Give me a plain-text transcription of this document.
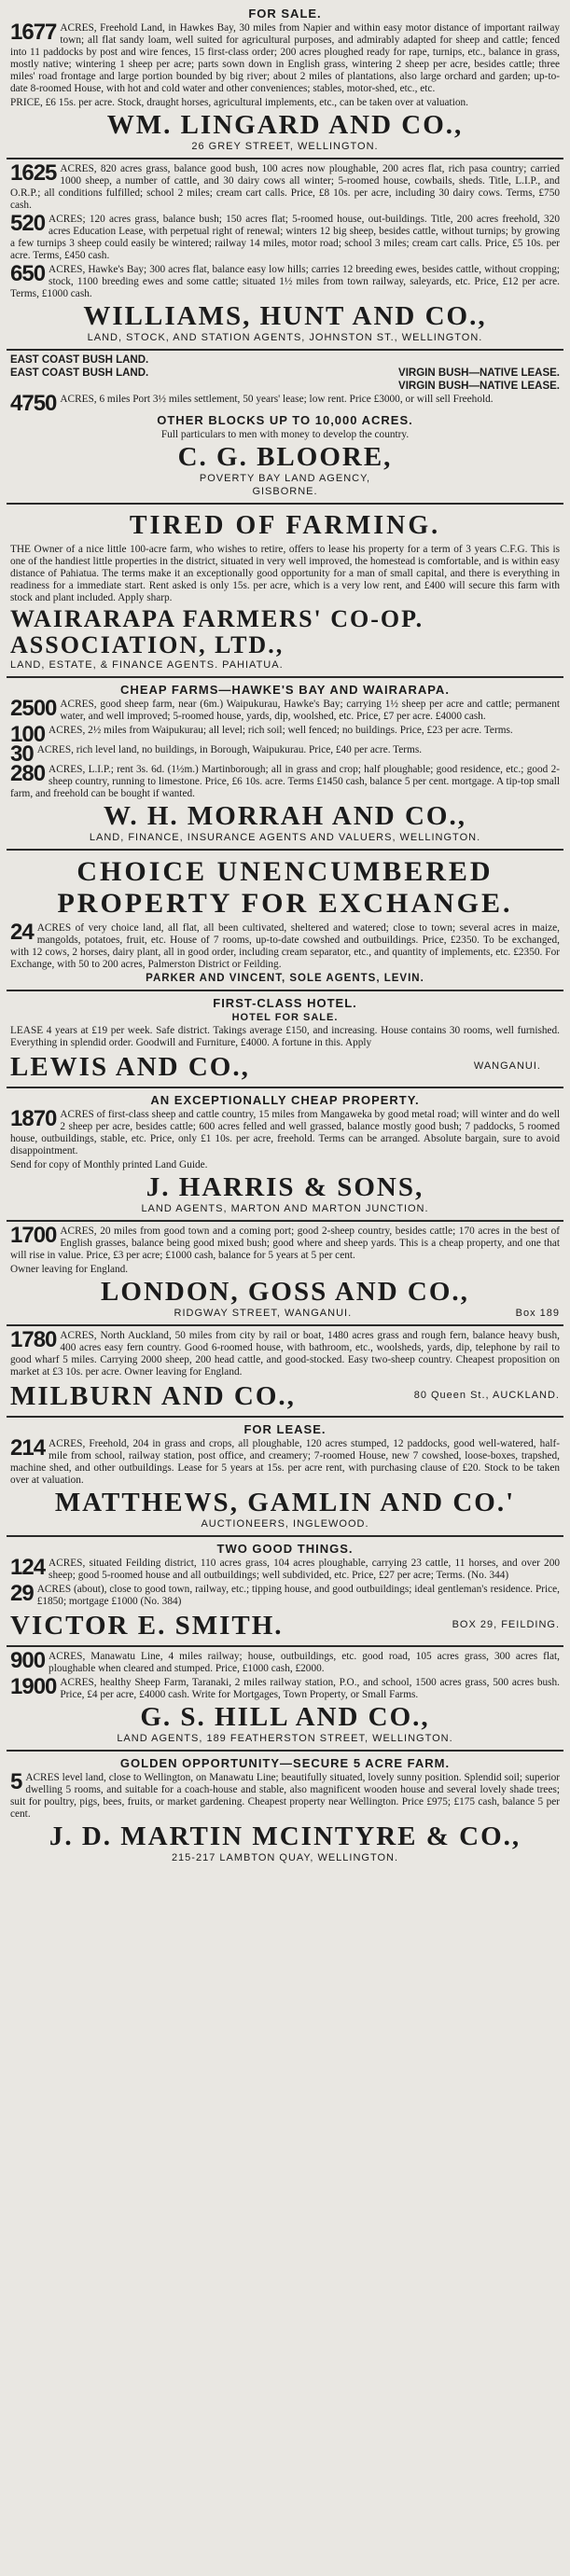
FOR SALE.
1677 ACRES, Freehold Land, in Hawkes Bay, 30 miles from Napier and within easy motor distance of important railway town; all flat sandy loam, well suited for agricultural purposes, and admirably adapted for sheep and cattle; fenced into 11 paddocks by post and wire fences, 15 first-class order; 200 acres ploughed ready for rape, turnips, etc., balance in grass, mostly native; wintering 1 sheep per acre; parts sown down in English grass, wintering 2 sheep per acre, besides cattle; three miles' road frontage and large portion bounded by big river; about 2 miles of plantations, also large orchard and garden; up-to-date 8-roomed House, with hot and cold water and other conveniences; stables, motor-shed, etc., etc.
PRICE, £6 15s. per acre. Stock, draught horses, agricultural implements, etc., can be taken over at valuation.
WM. LINGARD AND CO.,
26 GREY STREET, WELLINGTON.
1625 ACRES, 820 acres grass, balance good bush, 100 acres now ploughable, 200 acres flat, rich pasa country; carried 1000 sheep, a number of cattle, and 30 dairy cows all winter; 5-roomed house, cowbails, sheds. Title, L.I.P., and O.R.P.; all conditions fulfilled; school 2 miles; cream cart calls. Price, £8 10s. per acre, including 30 dairy cows. Terms, £750 cash.
520 ACRES; 120 acres grass, balance bush; 150 acres flat; 5-roomed house, out-buildings. Title, 200 acres freehold, 320 acres Education Lease, with perpetual right of renewal; winters 12 big sheep, besides cattle, without turnips; by growing a few turnips 3 sheep could easily be wintered; railway 14 miles, motor road; school 3 miles; cream cart calls. Price, £5 10s. per acre. Terms, £450 cash.
650 ACRES, Hawke's Bay; 300 acres flat, balance easy low hills; carries 12 breeding ewes, besides cattle, without cropping; stock, 1100 breeding ewes and some cattle; situated 1½ miles from town railway, saleyards, etc. Price, £12 per acre. Terms, £1000 cash.
WILLIAMS, HUNT AND CO.,
LAND, STOCK, AND STATION AGENTS, JOHNSTON ST., WELLINGTON.
EAST COAST BUSH LAND.
EAST COAST BUSH LAND.	VIRGIN BUSH—NATIVE LEASE.
VIRGIN BUSH—NATIVE LEASE.
4750 ACRES, 6 miles Port 3½ miles settlement, 50 years' lease; low rent. Price £3000, or will sell Freehold.
OTHER BLOCKS UP TO 10,000 ACRES.
Full particulars to men with money to develop the country.
C. G. BLOORE,
POVERTY BAY LAND AGENCY,
GISBORNE.
TIRED OF FARMING.
THE Owner of a nice little 100-acre farm, who wishes to retire, offers to lease his property for a term of 3 years C.F.G. This is one of the handiest little properties in the district, situated in very well improved, the homestead is comfortable, and is within easy distance of Pahiatua. The terms make it an exceptionally good opportunity for a man of small capital, and there is everything in readiness for a immediate start. Rent asked is only 15s. per acre, which is a very low rent, and £400 will secure this farm with stock and plant included. Apply sharp.
WAIRARAPA FARMERS' CO-OP. ASSOCIATION, LTD.,
LAND, ESTATE, & FINANCE AGENTS. PAHIATUA.
CHEAP FARMS—HAWKE'S BAY AND WAIRARAPA.
2500 ACRES, good sheep farm, near (6m.) Waipukurau, Hawke's Bay; carrying 1½ sheep per acre and cattle; permanent water, and well improved; 5-roomed house, yards, dip, woolshed, etc. Price, £7 per acre. £4000 cash.
100 ACRES, 2½ miles from Waipukurau; all level; rich soil; well fenced; no buildings. Price, £23 per acre. Terms.
30 ACRES, rich level land, no buildings, in Borough, Waipukurau. Price, £40 per acre. Terms.
280 ACRES, L.I.P.; rent 3s. 6d. (1½m.) Martinborough; all in grass and crop; half ploughable; good residence, etc.; good 2-sheep country, running to limestone. Price, £6 10s. acre. Terms £1450 cash, balance 5 per cent. mortgage. A tip-top small farm, and freehold can be bought if wanted.
W. H. MORRAH AND CO.,
LAND, FINANCE, INSURANCE AGENTS AND VALUERS, WELLINGTON.
CHOICE UNENCUMBERED PROPERTY FOR EXCHANGE.
24 ACRES of very choice land, all flat, all been cultivated, sheltered and watered; close to town; several acres in maize, mangolds, potatoes, fruit, etc. House of 7 rooms, up-to-date cowshed and outbuildings. Price, £2350. To be exchanged, with 12 cows, 2 horses, dairy plant, all in good order, including cream separator, etc., and quantity of implements, etc. £2350. For Exchange, with 50 to 200 acres, Palmerston District or Feilding.
PARKER AND VINCENT, SOLE AGENTS, LEVIN.
FIRST-CLASS HOTEL.
HOTEL FOR SALE.
LEASE 4 years at £19 per week. Safe district. Takings average £150, and increasing. House contains 30 rooms, well furnished. Everything in splendid order. Goodwill and Furniture, £4000. A fortune in this. Apply
LEWIS AND CO.,	WANGANUI.
AN EXCEPTIONALLY CHEAP PROPERTY.
1870 ACRES of first-class sheep and cattle country, 15 miles from Mangaweka by good metal road; will winter and do well 2 sheep per acre, besides cattle; 600 acres felled and well grassed, balance mostly good bush; 7 paddocks, 5 roomed house, outbuildings, stable, etc. Price, only £1 10s. per acre, freehold. Terms can be arranged. Absolute bargain, sure to avoid disappointment.
Send for copy of Monthly printed Land Guide.
J. HARRIS & SONS,
LAND AGENTS, MARTON AND MARTON JUNCTION.
1700 ACRES, 20 miles from good town and a coming port; good 2-sheep country, besides cattle; 170 acres in the best of English grasses, balance being good mixed bush; good where and sheep yards. This is a cheap property, and one that will rise in value. Price, £3 per acre; £1000 cash, balance for 5 years at 5 per cent.
Owner leaving for England.
LONDON, GOSS AND CO.,
RIDGWAY STREET, WANGANUI.	Box 189
1780 ACRES, North Auckland, 50 miles from city by rail or boat, 1480 acres grass and rough fern, balance heavy bush, 400 acres easy fern country. Good 6-roomed house, with bathroom, etc., woolsheds, yards, dip, telephone by rail to good wharf 5 miles. Carrying 2000 sheep, 200 head cattle, and good-stocked. Easy two-sheep country. Cheapest proposition on market at £3 10s. per acre. Owner leaving for England.
MILBURN AND CO.,	80 Queen St., AUCKLAND.
FOR LEASE.
214 ACRES, Freehold, 204 in grass and crops, all ploughable, 120 acres stumped, 12 paddocks, good well-watered, half-mile from school, railway station, post office, and creamery; 7-roomed House, new 7 cowshed, loose-boxes, trapshed, machine shed, and other outbuildings. Lease for 5 years at 15s. per acre rent, with purchasing clause of £20. Stock to be taken over at valuation.
MATTHEWS, GAMLIN AND CO.'
AUCTIONEERS, INGLEWOOD.
TWO GOOD THINGS.
124 ACRES, situated Feilding district, 110 acres grass, 104 acres ploughable, carrying 23 cattle, 11 horses, and over 200 sheep; good 5-roomed house and all outbuildings; well subdivided, etc. Price, £27 per acre; Terms. (No. 344)
29 ACRES (about), close to good town, railway, etc.; tipping house, and good outbuildings; ideal gentleman's residence. Price, £1850; mortgage £1000 (No. 384)
VICTOR E. SMITH.	BOX 29, FEILDING.
900 ACRES, Manawatu Line, 4 miles railway; house, outbuildings, etc. good road, 105 acres grass, 300 acres flat, ploughable when cleared and stumped. Price, £1000 cash, £2000.
1900 ACRES, healthy Sheep Farm, Taranaki, 2 miles railway station, P.O., and school, 1500 acres grass, 500 acres bush. Price, £4 per acre, £4000 cash. Write for Mortgages, Town Property, or Small Farms.
G. S. HILL AND CO.,
LAND AGENTS, 189 FEATHERSTON STREET, WELLINGTON.
GOLDEN OPPORTUNITY—SECURE 5 ACRE FARM.
5 ACRES level land, close to Wellington, on Manawatu Line; beautifully situated, lovely sunny position. Splendid soil; superior dwelling 5 rooms, and suitable for a coach-house and stable, also magnificent wooden house and several lovely shade trees; suit for poultry, pigs, bees, fruits, or market gardening. Cheapest property near Wellington. Price £975; £175 cash, balance 5 per cent.
J. D. MARTIN MCINTYRE & CO.,
215-217 LAMBTON QUAY, WELLINGTON.
